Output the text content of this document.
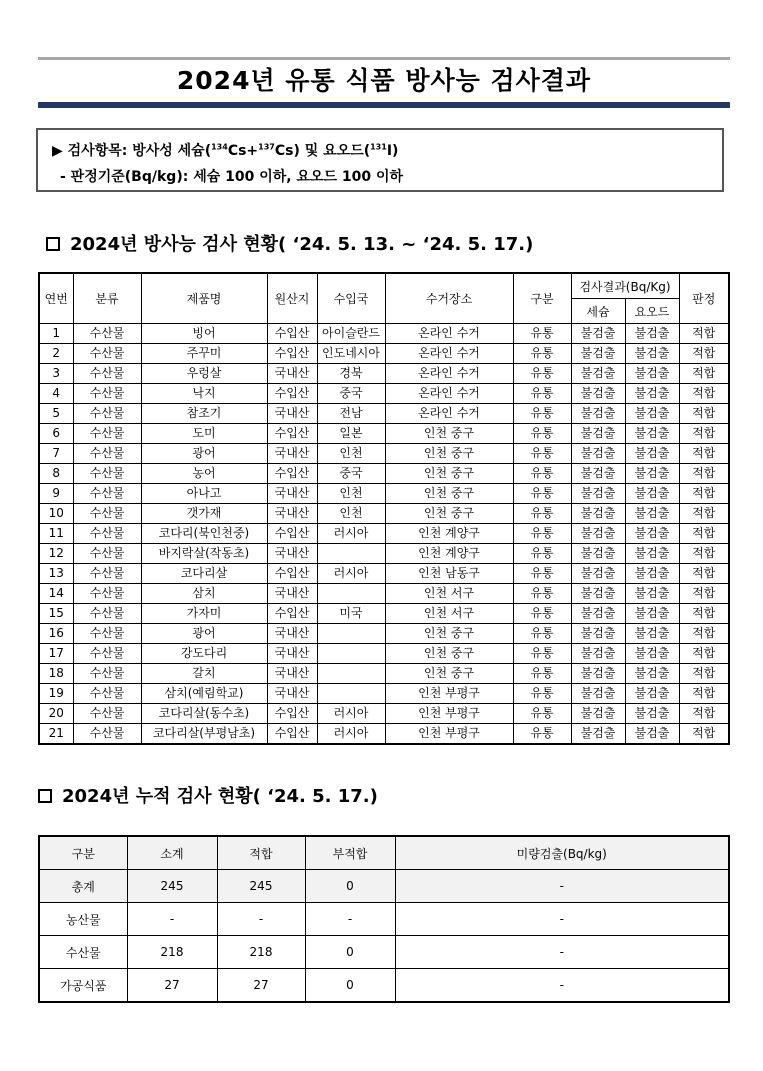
2024년 유통 식품 방사능 검사결과
▶ 검사항목: 방사성 세슘($^{134}$Cs+$^{137}$Cs) 및 요오드($^{131}$I)
- 판정기준(Bq/kg): 세슘 100 이하, 요오드 100 이하
2024년 방사능 검사 현황( ‘24. 5. 13. ~ ‘24. 5. 17.)
연번	분류	제품명	원산지	수입국	수거장소	구분	검사결과(Bq/Kg)		판정
							세슘	요오드	
1	수산물	빙어	수입산	아이슬란드	온라인 수거	유통	불검출	불검출	적합
2	수산물	주꾸미	수입산	인도네시아	온라인 수거	유통	불검출	불검출	적합
3	수산물	우렁살	국내산	경북	온라인 수거	유통	불검출	불검출	적합
4	수산물	낙지	수입산	중국	온라인 수거	유통	불검출	불검출	적합
5	수산물	참조기	국내산	전남	온라인 수거	유통	불검출	불검출	적합
6	수산물	도미	수입산	일본	인천 중구	유통	불검출	불검출	적합
7	수산물	광어	국내산	인천	인천 중구	유통	불검출	불검출	적합
8	수산물	농어	수입산	중국	인천 중구	유통	불검출	불검출	적합
9	수산물	아나고	국내산	인천	인천 중구	유통	불검출	불검출	적합
10	수산물	갯가재	국내산	인천	인천 중구	유통	불검출	불검출	적합
11	수산물	코다리(북인천중)	수입산	러시아	인천 계양구	유통	불검출	불검출	적합
12	수산물	바지락살(작동초)	국내산		인천 계양구	유통	불검출	불검출	적합
13	수산물	코다리살	수입산	러시아	인천 남동구	유통	불검출	불검출	적합
14	수산물	삼치	국내산		인천 서구	유통	불검출	불검출	적합
15	수산물	가자미	수입산	미국	인천 서구	유통	불검출	불검출	적합
16	수산물	광어	국내산		인천 중구	유통	불검출	불검출	적합
17	수산물	강도다리	국내산		인천 중구	유통	불검출	불검출	적합
18	수산물	갈치	국내산		인천 중구	유통	불검출	불검출	적합
19	수산물	삼치(예림학교)	국내산		인천 부평구	유통	불검출	불검출	적합
20	수산물	코다리살(동수초)	수입산	러시아	인천 부평구	유통	불검출	불검출	적합
21	수산물	코다리살(부평남초)	수입산	러시아	인천 부평구	유통	불검출	불검출	적합
2024년 누적 검사 현황( ‘24. 5. 17.)
구분	소계	적합	부적합	미량검출(Bq/kg)
총계	245	245	0	-
농산물	-	-	-	-
수산물	218	218	0	-
가공식품	27	27	0	-
